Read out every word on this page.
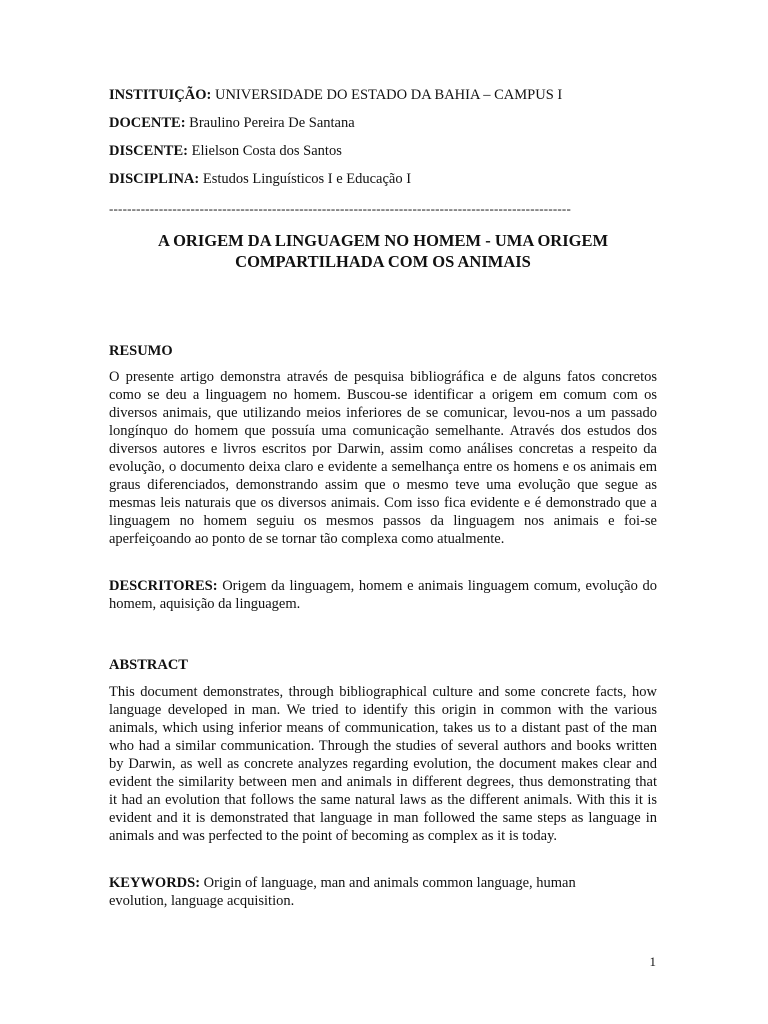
INSTITUIÇÃO: UNIVERSIDADE DO ESTADO DA BAHIA – CAMPUS I
DOCENTE: Braulino Pereira De Santana
DISCENTE: Elielson Costa dos Santos
DISCIPLINA: Estudos Linguísticos I e Educação I
------------------------------------------------------------------------------------------------------
A ORIGEM DA LINGUAGEM NO HOMEM - UMA ORIGEM
COMPARTILHADA COM OS ANIMAIS
RESUMO

O presente artigo demonstra através de pesquisa bibliográfica e de alguns fatos concretos como se deu a linguagem no homem. Buscou-se identificar a origem em comum com os diversos animais, que utilizando meios inferiores de se comunicar, levou-nos a um passado longínquo do homem que possuía uma comunicação semelhante. Através dos estudos dos diversos autores e livros escritos por Darwin, assim como análises concretas a respeito da evolução, o documento deixa claro e evidente a semelhança entre os homens e os animais em graus diferenciados, demonstrando assim que o mesmo teve uma evolução que segue as mesmas leis naturais que os diversos animais. Com isso fica evidente e é demonstrado que a linguagem no homem seguiu os mesmos passos da linguagem nos animais e foi-se aperfeiçoando ao ponto de se tornar tão complexa como atualmente.

DESCRITORES: Origem da linguagem, homem e animais linguagem comum, evolução do homem, aquisição da linguagem.

ABSTRACT

This document demonstrates, through bibliographical culture and some concrete facts, how language developed in man. We tried to identify this origin in common with the various animals, which using inferior means of communication, takes us to a distant past of the man who had a similar communication. Through the studies of several authors and books written by Darwin, as well as concrete analyzes regarding evolution, the document makes clear and evident the similarity between men and animals in different degrees, thus demonstrating that it had an evolution that follows the same natural laws as the different animals. With this it is evident and it is demonstrated that language in man followed the same steps as language in animals and was perfected to the point of becoming as complex as it is today.

KEYWORDS: Origin of language, man and animals common language, human evolution, language acquisition.

1
